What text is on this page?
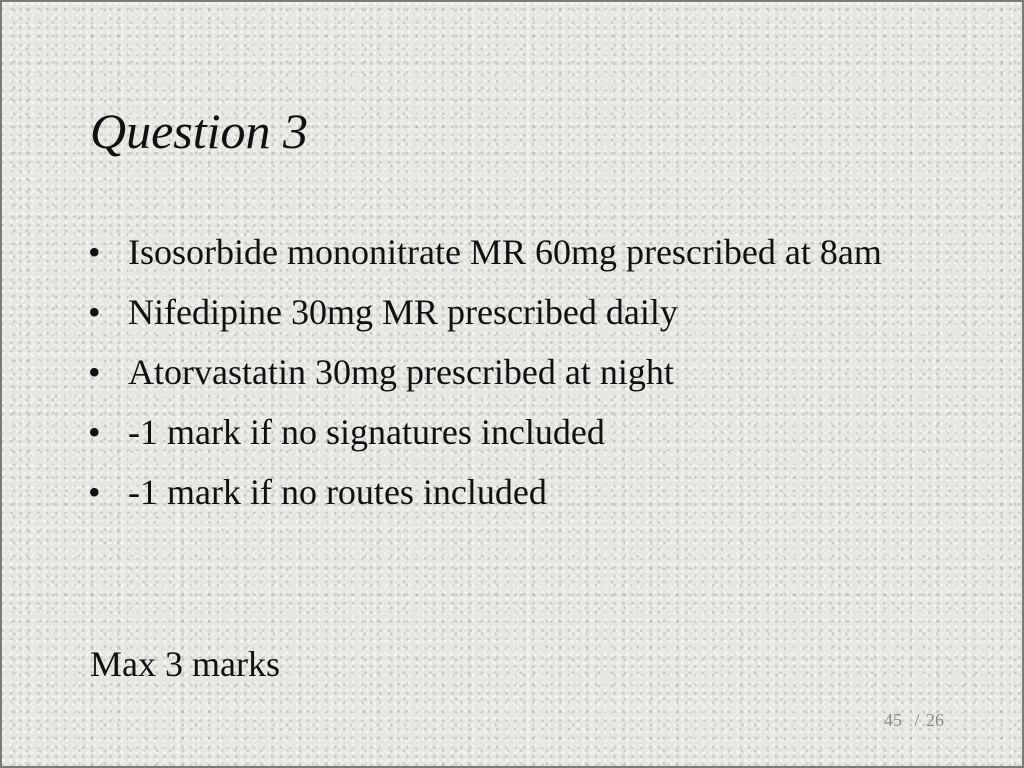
Question 3
• Isosorbide mononitrate MR 60mg prescribed at 8am
• Nifedipine 30mg MR prescribed daily
• Atorvastatin 30mg prescribed at night
• -1 mark if no signatures included
• -1 mark if no routes included
Max 3 marks
45 / 26
